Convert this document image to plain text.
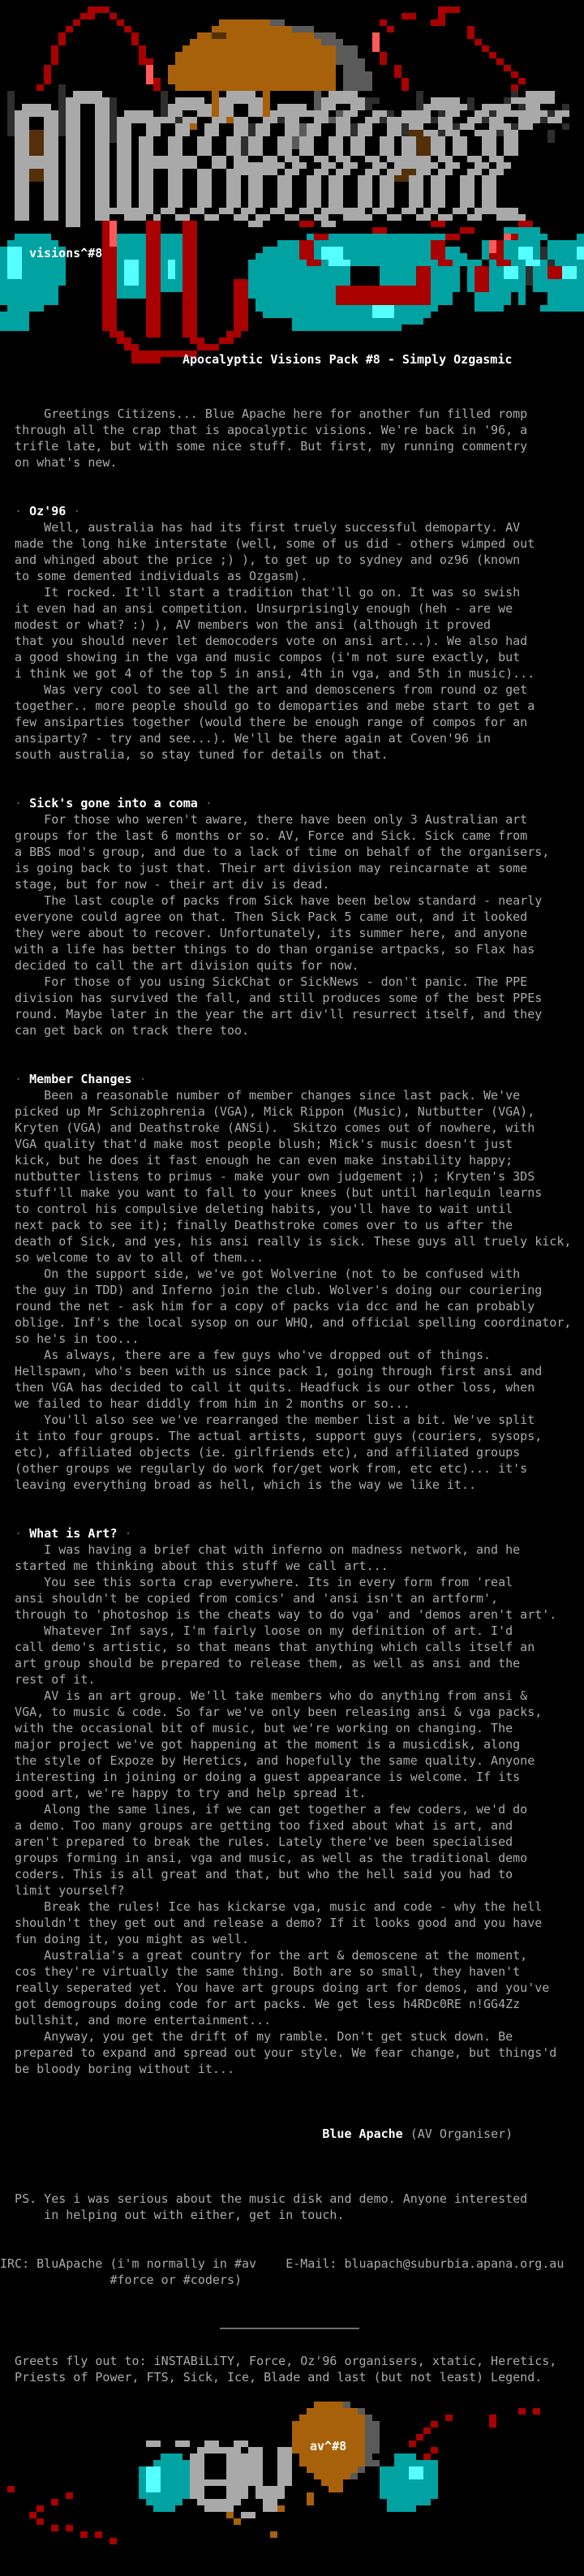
visions^#8
Apocalyptic Visions Pack #8 - Simply Ozgasmic
Greetings Citizens... Blue Apache here for another fun filled romp
through all the crap that is apocalyptic visions. We're back in '96, a
trifle late, but with some nice stuff. But first, my running commentry
on what's new.
· Oz'96 ·
Well, australia has had its first truely successful demoparty. AV
made the long hike interstate (well, some of us did - others wimped out
and whinged about the price ;) ), to get up to sydney and oz96 (known
to some demented individuals as Ozgasm).
It rocked. It'll start a tradition that'll go on. It was so swish
it even had an ansi competition. Unsurprisingly enough (heh - are we
modest or what? :) ), AV members won the ansi (although it proved
that you should never let democoders vote on ansi art...). We also had
a good showing in the vga and music compos (i'm not sure exactly, but
i think we got 4 of the top 5 in ansi, 4th in vga, and 5th in music)...
Was very cool to see all the art and demosceners from round oz get
together.. more people should go to demoparties and mebe start to get a
few ansiparties together (would there be enough range of compos for an
ansiparty? - try and see...). We'll be there again at Coven'96 in
south australia, so stay tuned for details on that.
· Sick's gone into a coma ·
For those who weren't aware, there have been only 3 Australian art
groups for the last 6 months or so. AV, Force and Sick. Sick came from
a BBS mod's group, and due to a lack of time on behalf of the organisers,
is going back to just that. Their art division may reincarnate at some
stage, but for now - their art div is dead.
The last couple of packs from Sick have been below standard - nearly
everyone could agree on that. Then Sick Pack 5 came out, and it looked
they were about to recover. Unfortunately, its summer here, and anyone
with a life has better things to do than organise artpacks, so Flax has
decided to call the art division quits for now.
For those of you using SickChat or SickNews - don't panic. The PPE
division has survived the fall, and still produces some of the best PPEs
round. Maybe later in the year the art div'll resurrect itself, and they
can get back on track there too.
· Member Changes ·
Been a reasonable number of member changes since last pack. We've
picked up Mr Schizophrenia (VGA), Mick Rippon (Music), Nutbutter (VGA),
Kryten (VGA) and Deathstroke (ANSi).  Skitzo comes out of nowhere, with
VGA quality that'd make most people blush; Mick's music doesn't just
kick, but he does it fast enough he can even make instability happy;
nutbutter listens to primus - make your own judgement ;) ; Kryten's 3DS
stuff'll make you want to fall to your knees (but until harlequin learns
to control his compulsive deleting habits, you'll have to wait until
next pack to see it); finally Deathstroke comes over to us after the
death of Sick, and yes, his ansi really is sick. These guys all truely kick,
so welcome to av to all of them...
On the support side, we've got Wolverine (not to be confused with
the guy in TDD) and Inferno join the club. Wolver's doing our couriering
round the net - ask him for a copy of packs via dcc and he can probably
oblige. Inf's the local sysop on our WHQ, and official spelling coordinator,
so he's in too...
As always, there are a few guys who've dropped out of things.
Hellspawn, who's been with us since pack 1, going through first ansi and
then VGA has decided to call it quits. Headfuck is our other loss, when
we failed to hear diddly from him in 2 months or so...
You'll also see we've rearranged the member list a bit. We've split
it into four groups. The actual artists, support guys (couriers, sysops,
etc), affiliated objects (ie. girlfriends etc), and affiliated groups
(other groups we regularly do work for/get work from, etc etc)... it's
leaving everything broad as hell, which is the way we like it..
· What is Art? ·
I was having a brief chat with inferno on madness network, and he
started me thinking about this stuff we call art...
You see this sorta crap everywhere. Its in every form from 'real
ansi shouldn't be copied from comics' and 'ansi isn't an artform',
through to 'photoshop is the cheats way to do vga' and 'demos aren't art'.
Whatever Inf says, I'm fairly loose on my definition of art. I'd
call demo's artistic, so that means that anything which calls itself an
art group should be prepared to release them, as well as ansi and the
rest of it.
AV is an art group. We'll take members who do anything from ansi &
VGA, to music & code. So far we've only been releasing ansi & vga packs,
with the occasional bit of music, but we're working on changing. The
major project we've got happening at the moment is a musicdisk, along
the style of Expoze by Heretics, and hopefully the same quality. Anyone
interesting in joining or doing a guest appearance is welcome. If its
good art, we're happy to try and help spread it.
Along the same lines, if we can get together a few coders, we'd do
a demo. Too many groups are getting too fixed about what is art, and
aren't prepared to break the rules. Lately there've been specialised
groups forming in ansi, vga and music, as well as the traditional demo
coders. This is all great and that, but who the hell said you had to
limit yourself?
Break the rules! Ice has kickarse vga, music and code - why the hell
shouldn't they get out and release a demo? If it looks good and you have
fun doing it, you might as well.
Australia's a great country for the art & demoscene at the moment,
cos they're virtually the same thing. Both are so small, they haven't
really seperated yet. You have art groups doing art for demos, and you've
got demogroups doing code for art packs. We get less h4RDc0RE n!GG4Zz
bullshit, and more entertainment...
Anyway, you get the drift of my ramble. Don't get stuck down. Be
prepared to expand and spread out your style. We fear change, but things'd
be bloody boring without it...
Blue Apache (AV Organiser)
PS. Yes i was serious about the music disk and demo. Anyone interested
in helping out with either, get in touch.
IRC: BluApache (i'm normally in #av    E-Mail: bluapach@suburbia.apana.org.au
#force or #coders)
───────────────────
Greets fly out to: iNSTABiLiTY, Force, Oz'96 organisers, xtatic, Heretics,
Priests of Power, FTS, Sick, Ice, Blade and last (but not least) Legend.
av^#8
